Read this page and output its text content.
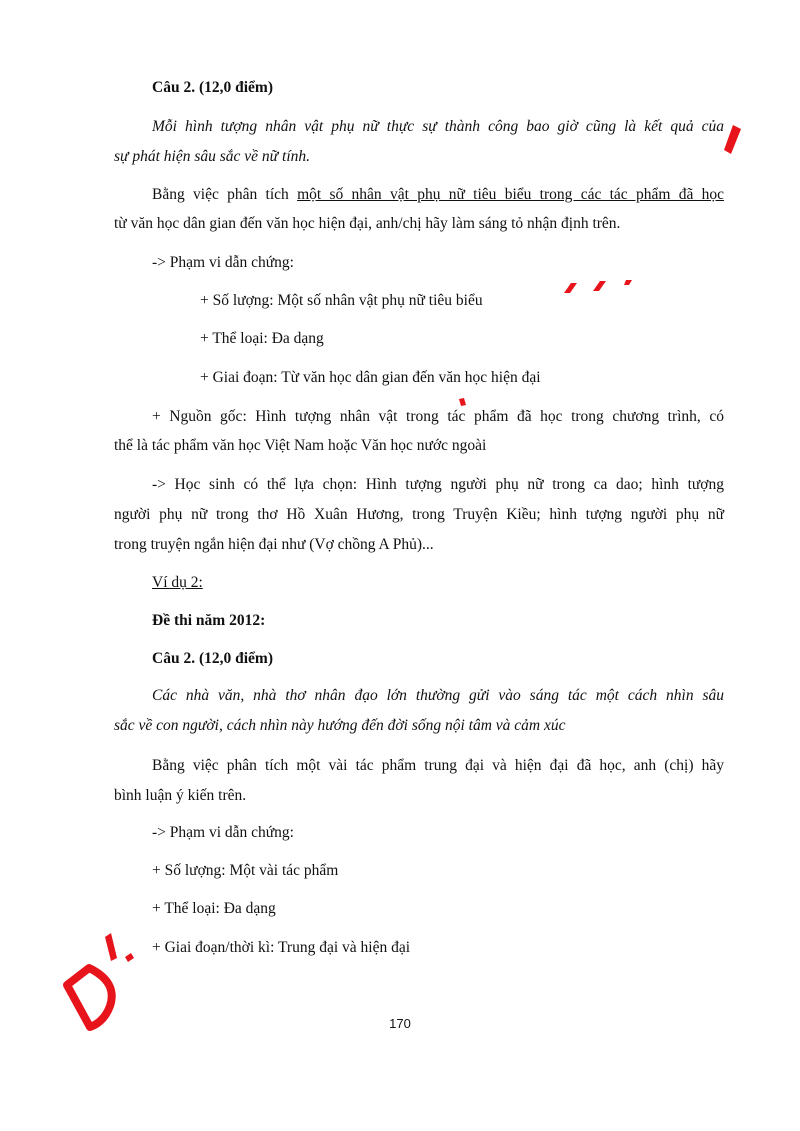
Câu 2. (12,0 điểm)
Mỗi hình tượng nhân vật phụ nữ thực sự thành công bao giờ cũng là kết quả của
sự phát hiện sâu sắc về nữ tính.
Bằng việc phân tích một số nhân vật phụ nữ tiêu biểu trong các tác phẩm đã học
từ văn học dân gian đến văn học hiện đại, anh/chị hãy làm sáng tỏ nhận định trên.
-> Phạm vi dẫn chứng:
+ Số lượng: Một số nhân vật phụ nữ tiêu biểu
+ Thể loại: Đa dạng
+ Giai đoạn: Từ văn học dân gian đến văn học hiện đại
+ Nguồn gốc: Hình tượng nhân vật trong tác phẩm đã học trong chương trình, có
thể là tác phẩm văn học Việt Nam hoặc Văn học nước ngoài
-> Học sinh có thể lựa chọn: Hình tượng người phụ nữ trong ca dao; hình tượng
người phụ nữ trong thơ Hồ Xuân Hương, trong Truyện Kiều; hình tượng người phụ nữ
trong truyện ngắn hiện đại như (Vợ chồng A Phủ)...
Ví dụ 2:
Đề thi năm 2012:
Câu 2. (12,0 điểm)
Các nhà văn, nhà thơ nhân đạo lớn thường gửi vào sáng tác một cách nhìn sâu
sắc về con người, cách nhìn này hướng đến đời sống nội tâm và cảm xúc
Bằng việc phân tích một vài tác phẩm trung đại và hiện đại đã học, anh (chị) hãy
bình luận ý kiến trên.
-> Phạm vi dẫn chứng:
+ Số lượng: Một vài tác phẩm
+ Thể loại: Đa dạng
+ Giai đoạn/thời kì: Trung đại và hiện đại
170
